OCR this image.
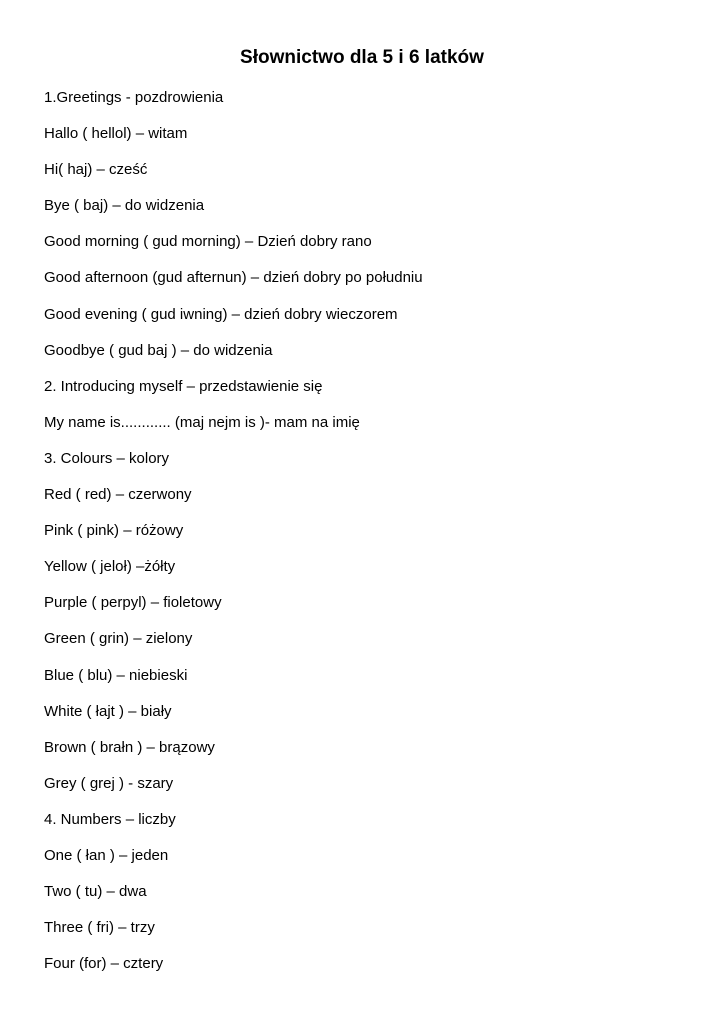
Słownictwo dla 5 i 6 latków
1.Greetings - pozdrowienia
Hallo ( hellol) – witam
Hi( haj) – cześć
Bye ( baj) – do widzenia
Good morning ( gud morning) – Dzień dobry rano
Good afternoon (gud afternun) – dzień dobry po południu
Good evening ( gud iwning) – dzień dobry wieczorem
Goodbye ( gud baj ) – do widzenia
2. Introducing myself – przedstawienie się
My name is............ (maj nejm is )- mam na imię
3. Colours – kolory
Red ( red) – czerwony
Pink ( pink) – różowy
Yellow ( jeloł) –żółty
Purple ( perpyl) – fioletowy
Green ( grin) – zielony
Blue ( blu) – niebieski
White ( łajt ) – biały
Brown ( brałn ) – brązowy
Grey ( grej ) - szary
4. Numbers – liczby
One ( łan ) – jeden
Two ( tu) – dwa
Three ( fri) – trzy
Four (for) – cztery
